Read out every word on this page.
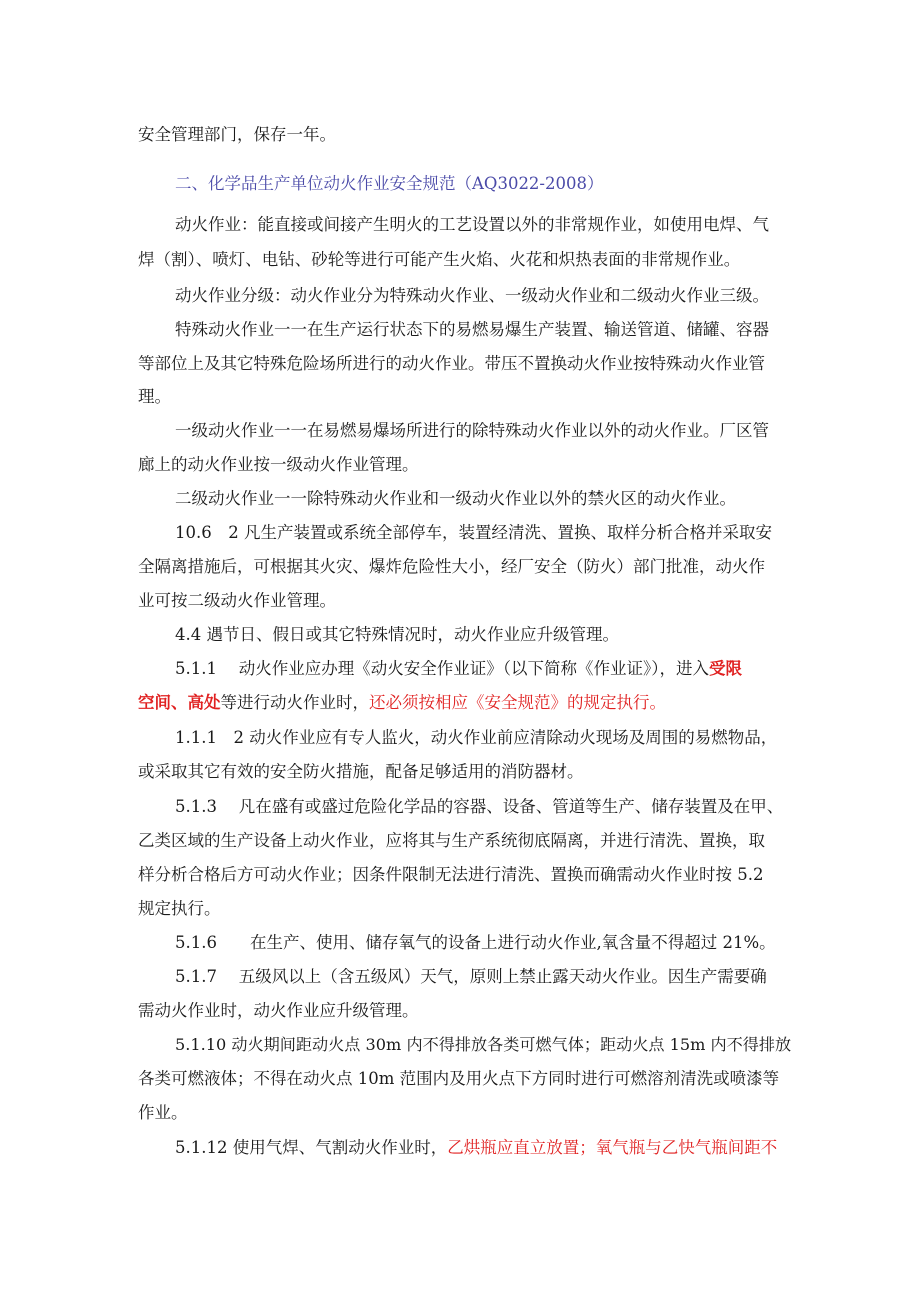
安全管理部门，保存一年。
二、化学品生产单位动火作业安全规范（AQ3022-2008）
动火作业：能直接或间接产生明火的工艺设置以外的非常规作业，如使用电焊、气
焊（割）、喷灯、电钻、砂轮等进行可能产生火焰、火花和炽热表面的非常规作业。
动火作业分级：动火作业分为特殊动火作业、一级动火作业和二级动火作业三级。
特殊动火作业一一在生产运行状态下的易燃易爆生产装置、输送管道、储罐、容器
等部位上及其它特殊危险场所进行的动火作业。带压不置换动火作业按特殊动火作业管
理。
一级动火作业一一在易燃易爆场所进行的除特殊动火作业以外的动火作业。厂区管
廊上的动火作业按一级动火作业管理。
二级动火作业一一除特殊动火作业和一级动火作业以外的禁火区的动火作业。
10.6　2 凡生产装置或系统全部停车，装置经清洗、置换、取样分析合格并采取安
全隔离措施后，可根据其火灾、爆炸危险性大小，经厂安全（防火）部门批准，动火作
业可按二级动火作业管理。
4.4 遇节日、假日或其它特殊情况时，动火作业应升级管理。
5.1.1　 动火作业应办理《动火安全作业证》（以下简称《作业证》），进入受限
空间、高处等进行动火作业时，还必须按相应《安全规范》的规定执行。
1.1.1　2 动火作业应有专人监火，动火作业前应清除动火现场及周围的易燃物品，
或采取其它有效的安全防火措施，配备足够适用的消防器材。
5.1.3　 凡在盛有或盛过危险化学品的容器、设备、管道等生产、储存装置及在甲、
乙类区域的生产设备上动火作业，应将其与生产系统彻底隔离，并进行清洗、置换，取
样分析合格后方可动火作业；因条件限制无法进行清洗、置换而确需动火作业时按 5.2
规定执行。
5.1.6　　在生产、使用、储存氧气的设备上进行动火作业,氧含量不得超过 21%。
5.1.7　 五级风以上（含五级风）天气，原则上禁止露天动火作业。因生产需要确
需动火作业时，动火作业应升级管理。
5.1.10 动火期间距动火点 30m 内不得排放各类可燃气体；距动火点 15m 内不得排放
各类可燃液体；不得在动火点 10m 范围内及用火点下方同时进行可燃溶剂清洗或喷漆等
作业。
5.1.12 使用气焊、气割动火作业时，乙烘瓶应直立放置；氧气瓶与乙快气瓶间距不
